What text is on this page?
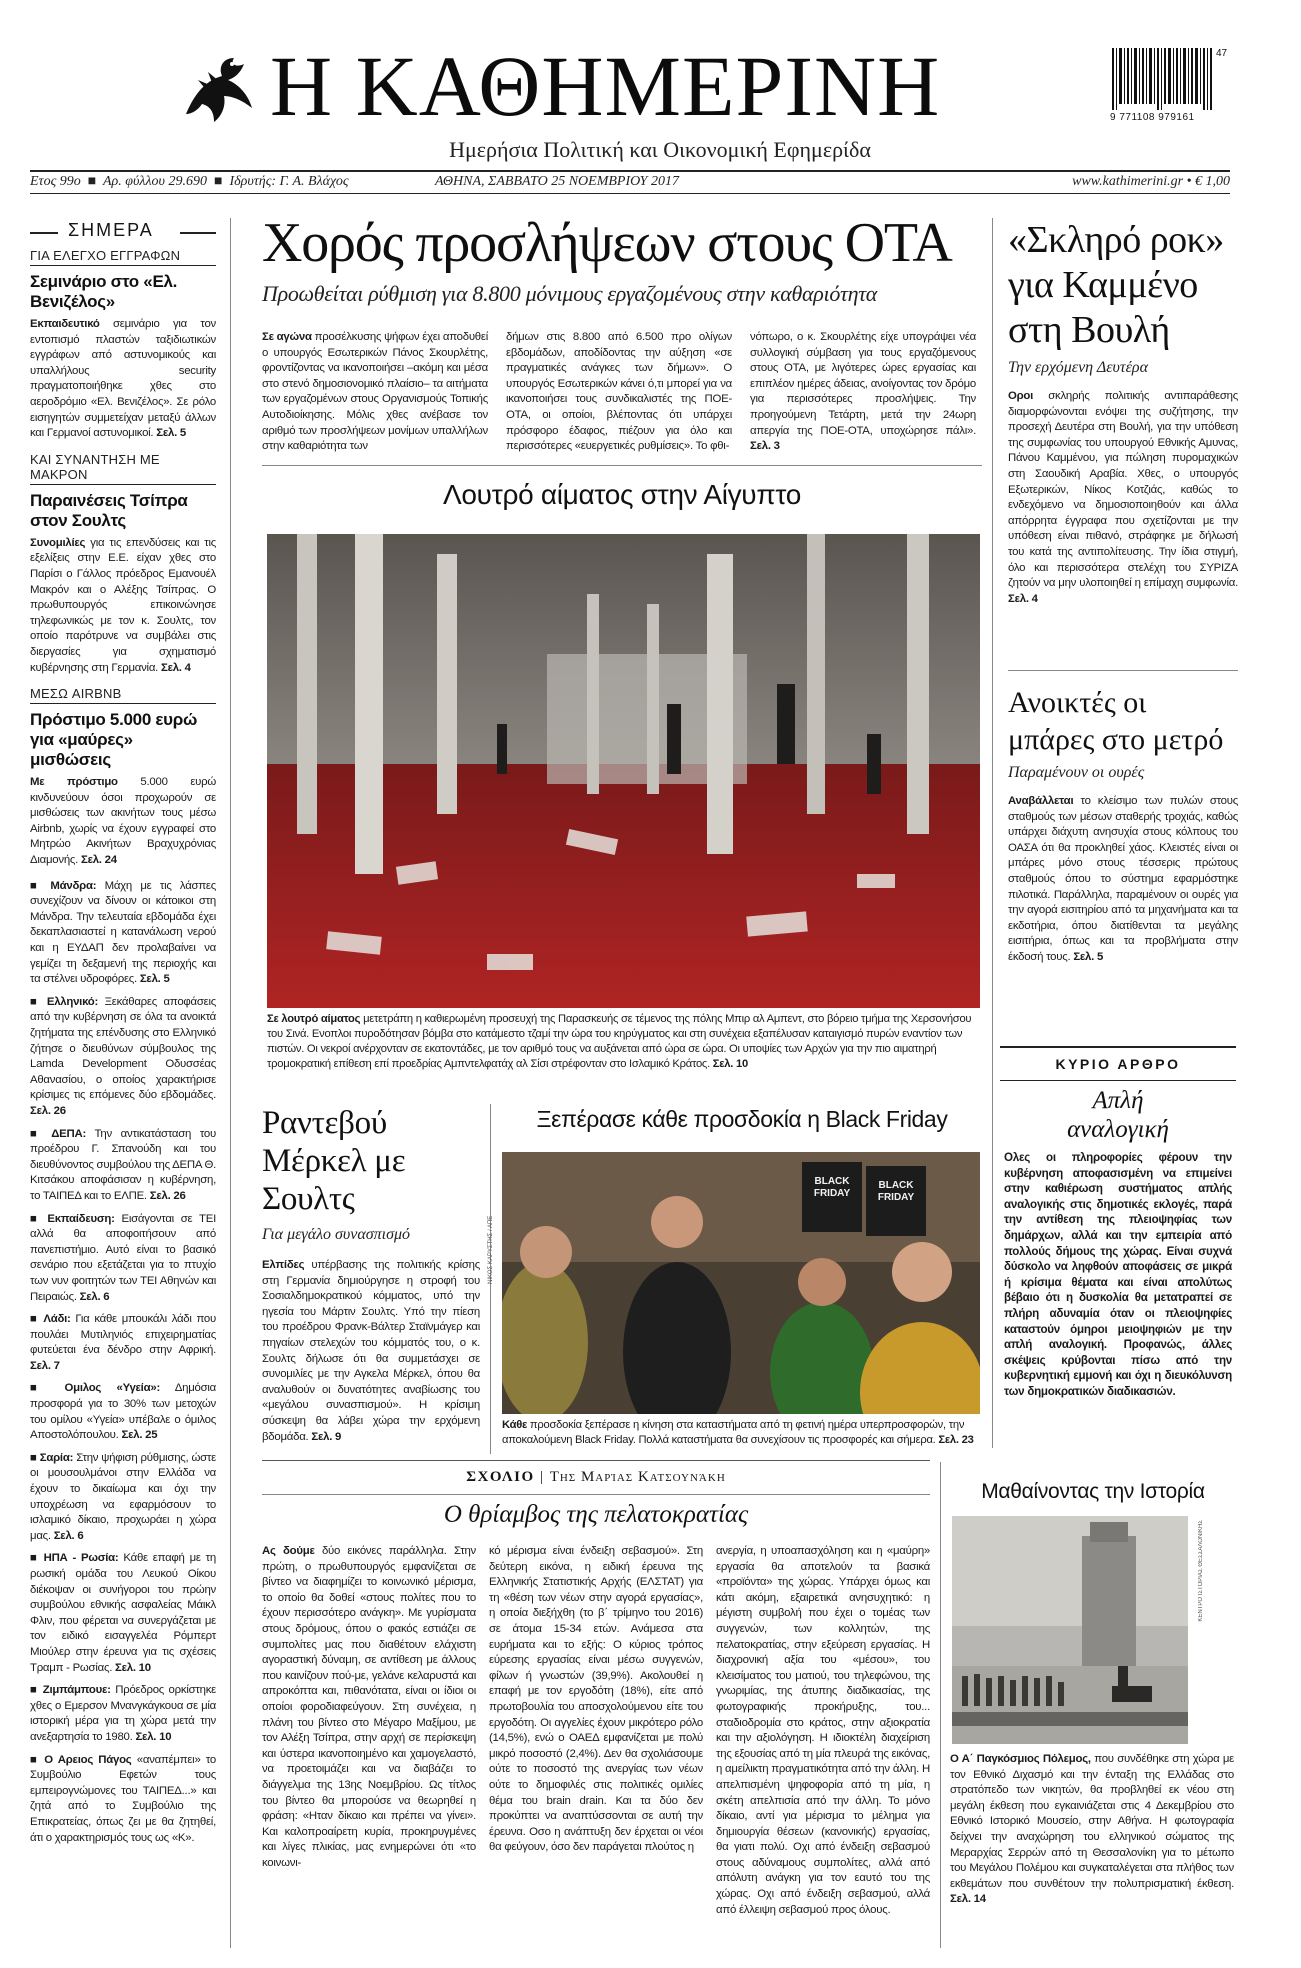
Η ΚΑΘΗΜΕΡΙΝΗ
Ημερήσια Πολιτική και Οικονομική Εφημερίδα
47
9 771108 979161
Ετος 99ο  ■  Αρ. φύλλου 29.690  ■  Ιδρυτής: Γ. Α. Βλάχος	ΑΘΗΝΑ, ΣΑΒΒΑΤΟ 25 ΝΟΕΜΒΡΙΟΥ 2017	www.kathimerini.gr • € 1,00
ΣΗΜΕΡΑ
ΓΙΑ ΕΛΕΓΧΟ ΕΓΓΡΑΦΩΝ
Σεμινάριο στο «Ελ. Βενιζέλος»
Εκπαιδευτικό σεμινάριο για τον εντοπισμό πλαστών ταξιδιωτικών εγγράφων από αστυνομικούς και υπαλλήλους security πραγματοποιήθηκε χθες στο αεροδρόμιο «Ελ. Βενιζέλος». Σε ρόλο εισηγητών συμμετείχαν μεταξύ άλλων και Γερμανοί αστυνομικοί. Σελ. 5
ΚΑΙ ΣΥΝΑΝΤΗΣΗ ΜΕ ΜΑΚΡΟΝ
Παραινέσεις Τσίπρα στον Σουλτς
Συνομιλίες για τις επενδύσεις και τις εξελίξεις στην Ε.Ε. είχαν χθες στο Παρίσι ο Γάλλος πρόεδρος Εμανουέλ Μακρόν και ο Αλέξης Τσίπρας. Ο πρωθυπουργός επικοινώνησε τηλεφωνικώς με τον κ. Σουλτς, τον οποίο παρότρυνε να συμβάλει στις διεργασίες για σχηματισμό κυβέρνησης στη Γερμανία. Σελ. 4
ΜΕΣΩ AIRBNB
Πρόστιμο 5.000 ευρώ για «μαύρες» μισθώσεις
Με πρόστιμο 5.000 ευρώ κινδυνεύουν όσοι προχωρούν σε μισθώσεις των ακινήτων τους μέσω Airbnb, χωρίς να έχουν εγγραφεί στο Μητρώο Ακινήτων Βραχυχρόνιας Διαμονής. Σελ. 24
■ Μάνδρα: Μάχη με τις λάσπες συνεχίζουν να δίνουν οι κάτοικοι στη Μάνδρα. Την τελευταία εβδομάδα έχει δεκαπλασιαστεί η κατανάλωση νερού και η ΕΥΔΑΠ δεν προλαβαίνει να γεμίζει τη δεξαμενή της περιοχής και τα στέλνει υδροφόρες. Σελ. 5
■ Ελληνικό: Ξεκάθαρες αποφάσεις από την κυβέρνηση σε όλα τα ανοικτά ζητήματα της επένδυσης στο Ελληνικό ζήτησε ο διευθύνων σύμβουλος της Lamda Development Οδυσσέας Αθανασίου, ο οποίος χαρακτήρισε κρίσιμες τις επόμενες δύο εβδομάδες. Σελ. 26
■ ΔΕΠΑ: Την αντικατάσταση του προέδρου Γ. Σπανούδη και του διευθύνοντος συμβούλου της ΔΕΠΑ Θ. Κιτσάκου αποφάσισαν η κυβέρνηση, το ΤΑΙΠΕΔ και το ΕΛΠΕ. Σελ. 26
■ Εκπαίδευση: Εισάγονται σε ΤΕΙ αλλά θα αποφοιτήσουν από πανεπιστήμιο. Αυτό είναι το βασικό σενάριο που εξετάζεται για το πτυχίο των νυν φοιτητών των ΤΕΙ Αθηνών και Πειραιώς. Σελ. 6
■ Λάδι: Για κάθε μπουκάλι λάδι που πουλάει Μυτιληνιός επιχειρηματίας φυτεύεται ένα δένδρο στην Αφρική. Σελ. 7
■ Ομιλος «Υγεία»: Δημόσια προσφορά για το 30% των μετοχών του ομίλου «Υγεία» υπέβαλε ο όμιλος Αποστολόπουλου. Σελ. 25
■ Σαρία: Στην ψήφιση ρύθμισης, ώστε οι μουσουλμάνοι στην Ελλάδα να έχουν το δικαίωμα και όχι την υποχρέωση να εφαρμόσουν το ισλαμικό δίκαιο, προχωράει η χώρα μας. Σελ. 6
■ ΗΠΑ - Ρωσία: Κάθε επαφή με τη ρωσική ομάδα του Λευκού Οίκου διέκοψαν οι συνήγοροι του πρώην συμβούλου εθνικής ασφαλείας Μάικλ Φλιν, που φέρεται να συνεργάζεται με τον ειδικό εισαγγελέα Ρόμπερτ Μιούλερ στην έρευνα για τις σχέσεις Τραμπ - Ρωσίας. Σελ. 10
■ Ζιμπάμπουε: Πρόεδρος ορκίστηκε χθες ο Εμερσον Μνανγκάγκουα σε μία ιστορική μέρα για τη χώρα μετά την ανεξαρτησία το 1980. Σελ. 10
■ Ο Αρειος Πάγος «αναπέμπει» το Συμβούλιο Εφετών τους εμπειρογνώμονες του ΤΑΙΠΕΔ...» και ζητά από το Συμβούλιο της Επικρατείας, όπως ζει με θα ζητηθεί, άτι ο χαρακτηρισμός τους ως «Κ».
Χορός προσλήψεων στους ΟΤΑ
Προωθείται ρύθμιση για 8.800 μόνιμους εργαζομένους στην καθαριότητα
Σε αγώνα προσέλκυσης ψήφων έχει αποδυθεί ο υπουργός Εσωτερικών Πάνος Σκουρλέτης, φροντίζοντας να ικανοποιήσει –ακόμη και μέσα στο στενό δημοσιονομικό πλαίσιο– τα αιτήματα των εργαζομένων στους Οργανισμούς Τοπικής Αυτοδιοίκησης. Μόλις χθες ανέβασε τον αριθμό των προσλήψεων μονίμων υπαλλήλων στην καθαριότητα των
δήμων στις 8.800 από 6.500 προ ολίγων εβδομάδων, αποδίδοντας την αύξηση «σε πραγματικές ανάγκες των δήμων». Ο υπουργός Εσωτερικών κάνει ό,τι μπορεί για να ικανοποιήσει τους συνδικαλιστές της ΠΟΕ-ΟΤΑ, οι οποίοι, βλέποντας ότι υπάρχει πρόσφορο έδαφος, πιέζουν για όλο και περισσότερες «ευεργετικές ρυθμίσεις». Το φθι-
νόπωρο, ο κ. Σκουρλέτης είχε υπογράψει νέα συλλογική σύμβαση για τους εργαζόμενους στους ΟΤΑ, με λιγότερες ώρες εργασίας και επιπλέον ημέρες άδειας, ανοίγοντας τον δρόμο για περισσότερες προσλήψεις. Την προηγούμενη Τετάρτη, μετά την 24ωρη απεργία της ΠΟΕ-ΟΤΑ, υποχώρησε πάλι». Σελ. 3
Λουτρό αίματος στην Αίγυπτο
Σε λουτρό αίματος μετετράπη η καθιερωμένη προσευχή της Παρασκευής σε τέμενος της πόλης Μπιρ αλ Αμπεντ, στο βόρειο τμήμα της Χερσονήσου του Σινά. Ενοπλοι πυροδότησαν βόμβα στο κατάμεστο τζαμί την ώρα του κηρύγματος και στη συνέχεια εξαπέλυσαν καταιγισμό πυρών εναντίον των πιστών. Οι νεκροί ανέρχονταν σε εκατοντάδες, με τον αριθμό τους να αυξάνεται από ώρα σε ώρα. Οι υποψίες των Αρχών για την πιο αιματηρή τρομοκρατική επίθεση επί προεδρίας Αμπντελφατάχ αλ Σίσι στρέφονταν στο Ισλαμικό Κράτος. Σελ. 10
«Σκληρό ροκ» για Καμμένο στη Βουλή
Την ερχόμενη Δευτέρα
Οροι σκληρής πολιτικής αντιπαράθεσης διαμορφώνονται ενόψει της συζήτησης, την προσεχή Δευτέρα στη Βουλή, για την υπόθεση της συμφωνίας του υπουργού Εθνικής Αμυνας, Πάνου Καμμένου, για πώληση πυρομαχικών στη Σαουδική Αραβία. Χθες, ο υπουργός Εξωτερικών, Νίκος Κοτζιάς, καθώς το ενδεχόμενο να δημοσιοποιηθούν και άλλα απόρρητα έγγραφα που σχετίζονται με την υπόθεση είναι πιθανό, στράφηκε με δήλωσή του κατά της αντιπολίτευσης. Την ίδια στιγμή, όλο και περισσότερα στελέχη του ΣΥΡΙΖΑ ζητούν να μην υλοποιηθεί η επίμαχη συμφωνία. Σελ. 4
Ανοικτές οι μπάρες στο μετρό
Παραμένουν οι ουρές
Αναβάλλεται το κλείσιμο των πυλών στους σταθμούς των μέσων σταθερής τροχιάς, καθώς υπάρχει διάχυτη ανησυχία στους κόλπους του ΟΑΣΑ ότι θα προκληθεί χάος. Κλειστές είναι οι μπάρες μόνο στους τέσσερις πρώτους σταθμούς όπου το σύστημα εφαρμόστηκε πιλοτικά. Παράλληλα, παραμένουν οι ουρές για την αγορά εισιτηρίου από τα μηχανήματα και τα εκδοτήρια, όπου διατίθενται τα μεγάλης εισιτήρια, όπως και τα προβλήματα στην έκδοσή τους. Σελ. 5
ΚΥΡΙΟ ΑΡΘΡΟ
Απλή αναλογική
Ολες οι πληροφορίες φέρουν την κυβέρνηση αποφασισμένη να επιμείνει στην καθιέρωση συστήματος απλής αναλογικής στις δημοτικές εκλογές, παρά την αντίθεση της πλειοψηφίας των δημάρχων, αλλά και την εμπειρία από πολλούς δήμους της χώρας. Είναι συχνά δύσκολο να ληφθούν αποφάσεις σε μικρά ή κρίσιμα θέματα και είναι απολύτως βέβαιο ότι η δυσκολία θα μετατραπεί σε πλήρη αδυναμία όταν οι πλειοψηφίες καταστούν όμηροι μειοψηφιών με την απλή αναλογική. Προφανώς, άλλες σκέψεις κρύβονται πίσω από την κυβερνητική εμμονή και όχι η διευκόλυνση των δημοκρατικών διαδικασιών.
Ραντεβού Μέρκελ με Σουλτς
Για μεγάλο συνασπισμό
Ελπίδες υπέρβασης της πολιτικής κρίσης στη Γερμανία δημιούργησε η στροφή του Σοσιαλδημοκρατικού κόμματος, υπό την ηγεσία του Μάρτιν Σουλτς. Υπό την πίεση του προέδρου Φρανκ-Βάλτερ Σταϊνμάγερ και πηγαίων στελεχών του κόμματός του, ο κ. Σουλτς δήλωσε ότι θα συμμετάσχει σε συνομιλίες με την Αγκελα Μέρκελ, όπου θα αναλυθούν οι δυνατότητες αναβίωσης του «μεγάλου συνασπισμού». Η κρίσιμη σύσκεψη θα λάβει χώρα την ερχόμενη βδομάδα. Σελ. 9
Ξεπέρασε κάθε προσδοκία η Black Friday
BLACK FRIDAY
BLACK FRIDAY
ΝΙΚΟΣ ΚΑΡΥΣΤΗΣ / ΑΠΕ
Κάθε προσδοκία ξεπέρασε η κίνηση στα καταστήματα από τη φετινή ημέρα υπερπροσφορών, την αποκαλούμενη Black Friday. Πολλά καταστήματα θα συνεχίσουν τις προσφορές και σήμερα. Σελ. 23
ΣΧΟΛΙΟ | Της Μαρίας Κατσουνάκη
Ο θρίαμβος της πελατοκρατίας
Ας δούμε δύο εικόνες παράλληλα. Στην πρώτη, ο πρωθυπουργός εμφανίζεται σε βίντεο να διαφημίζει το κοινωνικό μέρισμα, το οποίο θα δοθεί «στους πολίτες που το έχουν περισσότερο ανάγκη». Με γυρίσματα στους δρόμους, όπου ο φακός εστιάζει σε συμπολίτες μας που διαθέτουν ελάχιστη αγοραστική δύναμη, σε αντίθεση με άλλους που καινίζουν πού-με, γελάνε κελαρυστά και απροκόπτα και, πιθανότατα, είναι οι ίδιοι οι οποίοι φοροδιαφεύγουν. Στη συνέχεια, η πλάνη του βίντεο στο Μέγαρο Μαξίμου, με τον Αλέξη Τσίπρα, στην αρχή σε περίσκεψη και ύστερα ικανοποιημένο και χαμογελαστό, να προετοιμάζει και να διαβάζει το διάγγελμα της 13ης Νοεμβρίου. Ως τίτλος του βίντεο θα μπορούσε να θεωρηθεί η φράση: «Ηταν δίκαιο και πρέπει να γίνει». Και καλοπροαίρετη κυρία, προκηρυγμένες και λίγες πλικίας, μας ενημερώνει ότι «το κοινωνι-
κό μέρισμα είναι ένδειξη σεβασμού». Στη δεύτερη εικόνα, η ειδική έρευνα της Ελληνικής Στατιστικής Αρχής (ΕΛΣΤΑΤ) για τη «θέση των νέων στην αγορά εργασίας», η οποία διεξήχθη (το β΄ τρίμηνο του 2016) σε άτομα 15-34 ετών. Ανάμεσα στα ευρήματα και το εξής: Ο κύριος τρόπος εύρεσης εργασίας είναι μέσω συγγενών, φίλων ή γνωστών (39,9%). Ακολουθεί η επαφή με τον εργοδότη (18%), είτε από πρωτοβουλία του αποσχολούμενου είτε του εργοδότη. Οι αγγελίες έχουν μικρότερο ρόλο (14,5%), ενώ ο ΟΑΕΔ εμφανίζεται με πολύ μικρό ποσοστό (2,4%). Δεν θα σχολιάσουμε ούτε το ποσοστό της ανεργίας των νέων ούτε το δημοφιλές στις πολιτικές ομιλίες θέμα του brain drain. Και τα δύο δεν προκύπτει να αναπτύσσονται σε αυτή την έρευνα. Οσο η ανάπτυξη δεν έρχεται οι νέοι θα φεύγουν, όσο δεν παράγεται πλούτος η
ανεργία, η υποαπασχόληση και η «μαύρη» εργασία θα αποτελούν τα βασικά «προϊόντα» της χώρας. Υπάρχει όμως και κάτι ακόμη, εξαιρετικά ανησυχητικό: η μέγιστη συμβολή που έχει ο τομέας των συγγενών, των κολλητών, της πελατοκρατίας, στην εξεύρεση εργασίας. Η διαχρονική αξία του «μέσου», του κλεισίματος του ματιού, του τηλεφώνου, της γνωριμίας, της άτυπης διαδικασίας, της φωτογραφικής προκήρυξης, του... σταδιοδρομία στο κράτος, στην αξιοκρατία και την αξιολόγηση. Η ιδιοκτέλη διαχείριση της εξουσίας από τη μία πλευρά της εικόνας, η αμείλικτη πραγματικότητα από την άλλη. Η απελπισμένη ψηφοφορία από τη μία, η σκέτη απελπισία από την άλλη. Το μόνο δίκαιο, αντί για μέρισμα το μέλημα για δημιουργία θέσεων (κανονικής) εργασίας, θα γιατι πολύ. Οχι από ένδειξη σεβασμού στους αδύναμους συμπολίτες, αλλά από απόλυτη ανάγκη για τον εαυτό του της χώρας. Οχι από ένδειξη σεβασμού, αλλά από έλλειψη σεβασμού προς όλους.
Μαθαίνοντας την Ιστορία
ΚΕΝΤΡΟ ΙΣΤΟΡΙΑΣ ΘΕΣΣΑΛΟΝΙΚΗΣ
Ο Α΄ Παγκόσμιος Πόλεμος, που συνδέθηκε στη χώρα με τον Εθνικό Διχασμό και την ένταξη της Ελλάδας στο στρατόπεδο των νικητών, θα προβληθεί εκ νέου στη μεγάλη έκθεση που εγκαινιάζεται στις 4 Δεκεμβρίου στο Εθνικό Ιστορικό Μουσείο, στην Αθήνα. Η φωτογραφία δείχνει την αναχώρηση του ελληνικού σώματος της Μεραρχίας Σερρών από τη Θεσσαλονίκη για το μέτωπο του Μεγάλου Πολέμου και συγκαταλέγεται στα πλήθος των εκθεμάτων που συνθέτουν την πολυπρισματική έκθεση. Σελ. 14
